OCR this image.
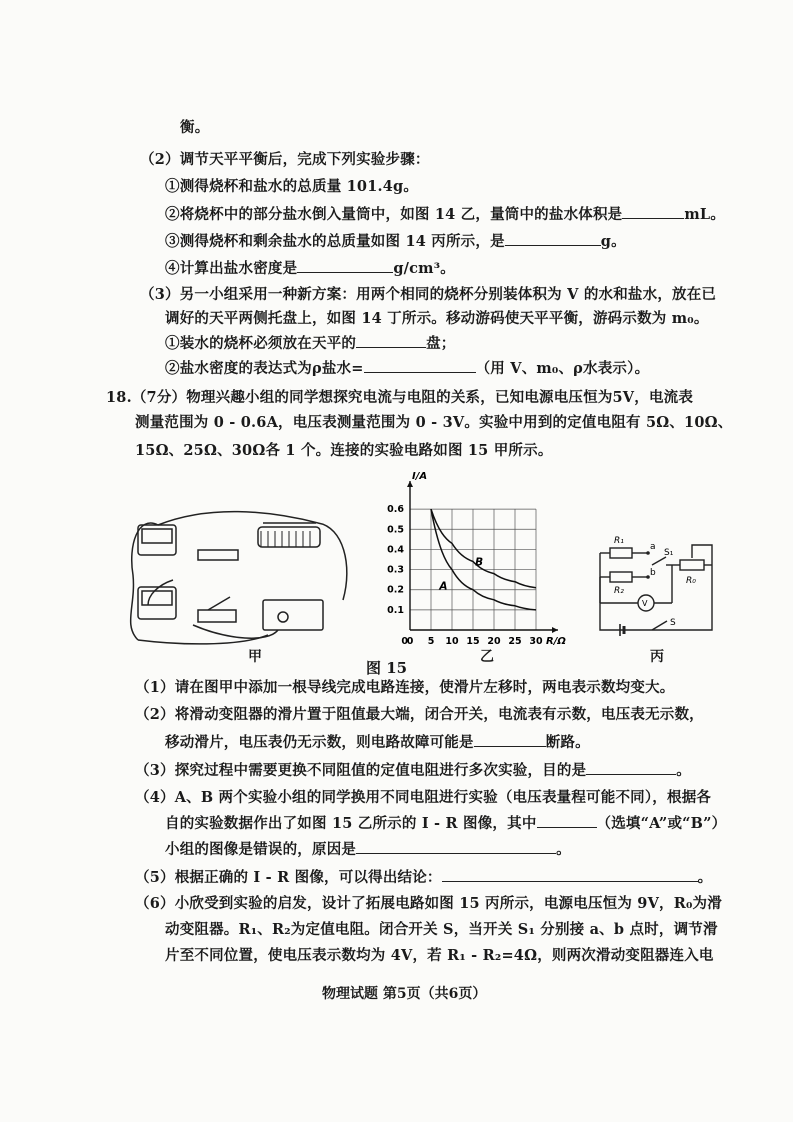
衡。
（2）调节天平平衡后，完成下列实验步骤：
①测得烧杯和盐水的总质量 101.4g。
②将烧杯中的部分盐水倒入量筒中，如图 14 乙，量筒中的盐水体积是	mL。
③测得烧杯和剩余盐水的总质量如图 14 丙所示，是	g。
④计算出盐水密度是	g/cm³。
（3）另一小组采用一种新方案：用两个相同的烧杯分别装体积为 V 的水和盐水，放在已
调好的天平两侧托盘上，如图 14 丁所示。移动游码使天平平衡，游码示数为 m₀。
①装水的烧杯必须放在天平的	盘；
②盐水密度的表达式为ρ盐水=	（用 V、m₀、ρ水表示）。
18.（7分）物理兴趣小组的同学想探究电流与电阻的关系，已知电源电压恒为5V，电流表
测量范围为 0 - 0.6A，电压表测量范围为 0 - 3V。实验中用到的定值电阻有 5Ω、10Ω、
15Ω、25Ω、30Ω各 1 个。连接的实验电路如图 15 甲所示。
甲
0 5 10 15 20 25 30
0.1
0.2
0.3
0.4
0.5
0.6
R/Ω
I/A
0
A
B
乙
图 15
R₁
R₂
R₀
S₁
S
a
b
V
丙
（1）请在图甲中添加一根导线完成电路连接，使滑片左移时，两电表示数均变大。
（2）将滑动变阻器的滑片置于阻值最大端，闭合开关，电流表有示数，电压表无示数，
移动滑片，电压表仍无示数，则电路故障可能是	断路。
（3）探究过程中需要更换不同阻值的定值电阻进行多次实验，目的是	。
（4）A、B 两个实验小组的同学换用不同电阻进行实验（电压表量程可能不同），根据各
自的实验数据作出了如图 15 乙所示的 I - R 图像，其中	（选填“A”或“B”）
小组的图像是错误的，原因是	。
（5）根据正确的 I - R 图像，可以得出结论：	。
（6）小欣受到实验的启发，设计了拓展电路如图 15 丙所示，电源电压恒为 9V，R₀为滑
动变阻器。R₁、R₂为定值电阻。闭合开关 S，当开关 S₁ 分别接 a、b 点时，调节滑
片至不同位置，使电压表示数均为 4V，若 R₁ - R₂=4Ω，则两次滑动变阻器连入电
物理试题 第5页（共6页）
